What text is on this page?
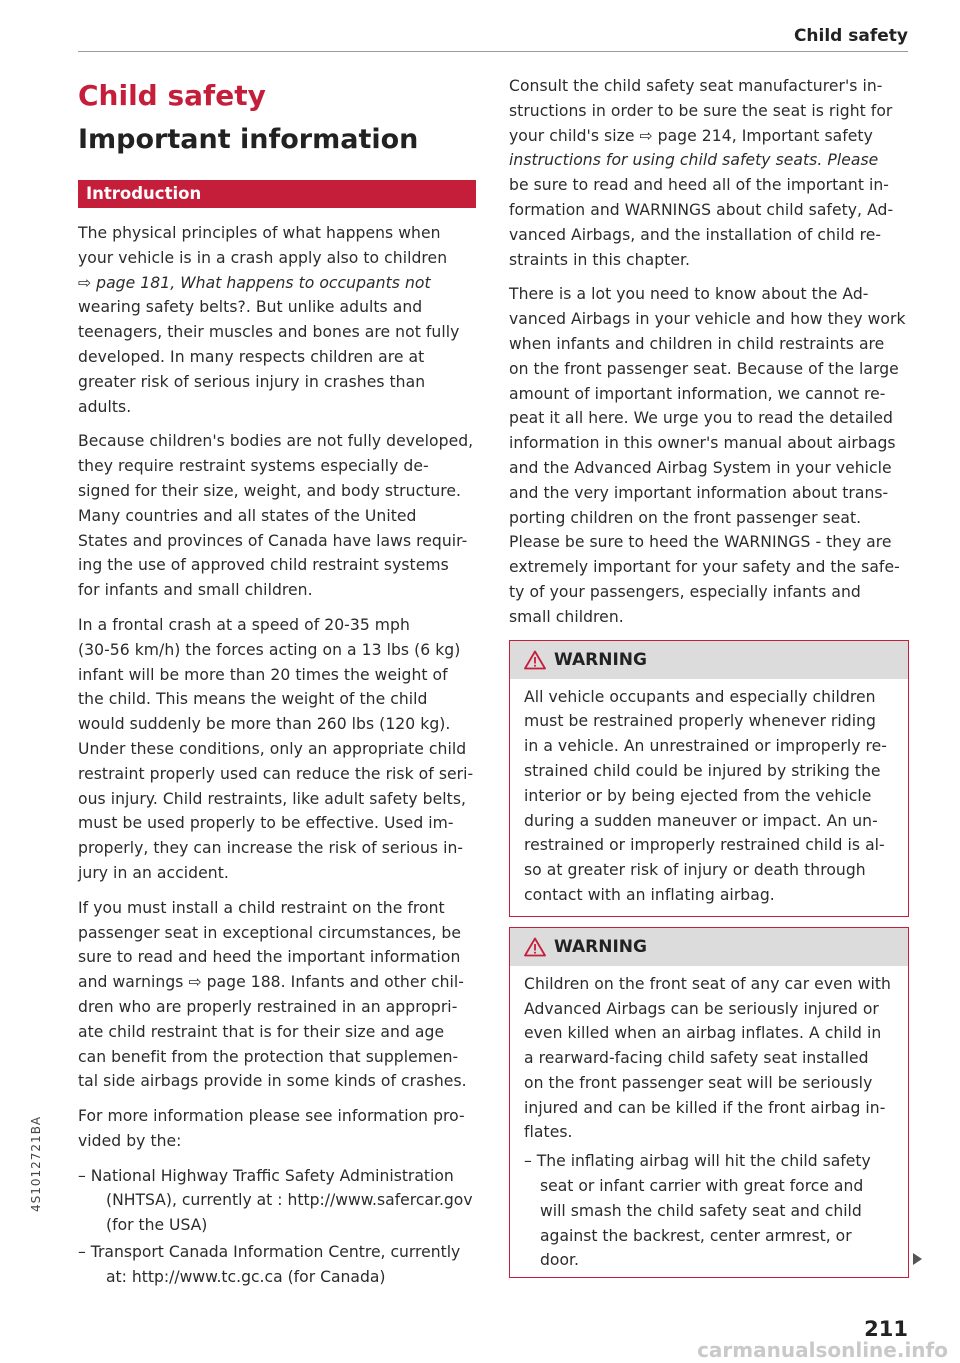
Child safety
Child safety
Important information
Introduction
The physical principles of what happens when
your vehicle is in a crash apply also to children
⇨ page 181, What happens to occupants not
wearing safety belts?. But unlike adults and
teenagers, their muscles and bones are not fully
developed. In many respects children are at
greater risk of serious injury in crashes than
adults.
Because children's bodies are not fully developed,
they require restraint systems especially de-
signed for their size, weight, and body structure.
Many countries and all states of the United
States and provinces of Canada have laws requir-
ing the use of approved child restraint systems
for infants and small children.
In a frontal crash at a speed of 20-35 mph
(30-56 km/h) the forces acting on a 13 lbs (6 kg)
infant will be more than 20 times the weight of
the child. This means the weight of the child
would suddenly be more than 260 lbs (120 kg).
Under these conditions, only an appropriate child
restraint properly used can reduce the risk of seri-
ous injury. Child restraints, like adult safety belts,
must be used properly to be effective. Used im-
properly, they can increase the risk of serious in-
jury in an accident.
If you must install a child restraint on the front
passenger seat in exceptional circumstances, be
sure to read and heed the important information
and warnings ⇨ page 188. Infants and other chil-
dren who are properly restrained in an appropri-
ate child restraint that is for their size and age
can benefit from the protection that supplemen-
tal side airbags provide in some kinds of crashes.
For more information please see information pro-
vided by the:
– National Highway Traffic Safety Administration
(NHTSA), currently at : http://www.safercar.gov
(for the USA)
– Transport Canada Information Centre, currently
at: http://www.tc.gc.ca (for Canada)
Consult the child safety seat manufacturer's in-
structions in order to be sure the seat is right for
your child's size ⇨ page 214, Important safety
instructions for using child safety seats. Please
be sure to read and heed all of the important in-
formation and WARNINGS about child safety, Ad-
vanced Airbags, and the installation of child re-
straints in this chapter.
There is a lot you need to know about the Ad-
vanced Airbags in your vehicle and how they work
when infants and children in child restraints are
on the front passenger seat. Because of the large
amount of important information, we cannot re-
peat it all here. We urge you to read the detailed
information in this owner's manual about airbags
and the Advanced Airbag System in your vehicle
and the very important information about trans-
porting children on the front passenger seat.
Please be sure to heed the WARNINGS - they are
extremely important for your safety and the safe-
ty of your passengers, especially infants and
small children.
WARNING
All vehicle occupants and especially children
must be restrained properly whenever riding
in a vehicle. An unrestrained or improperly re-
strained child could be injured by striking the
interior or by being ejected from the vehicle
during a sudden maneuver or impact. An un-
restrained or improperly restrained child is al-
so at greater risk of injury or death through
contact with an inflating airbag.
WARNING
Children on the front seat of any car even with
Advanced Airbags can be seriously injured or
even killed when an airbag inflates. A child in
a rearward-facing child safety seat installed
on the front passenger seat will be seriously
injured and can be killed if the front airbag in-
flates.
– The inflating airbag will hit the child safety
seat or infant carrier with great force and
will smash the child safety seat and child
against the backrest, center armrest, or
door.
211
4S1012721BA
carmanualsonline.info
